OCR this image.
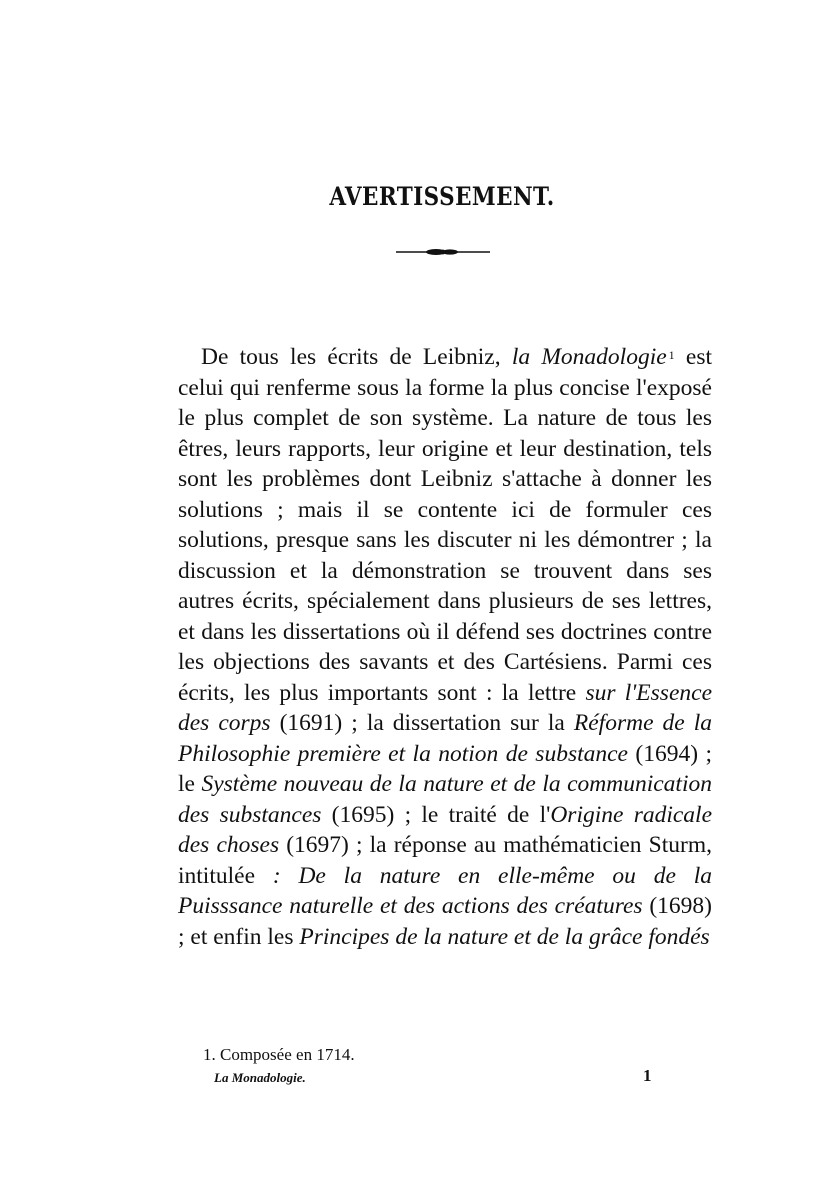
AVERTISSEMENT.

De tous les écrits de Leibniz, la Monadologie $^1$ est celui qui renferme sous la forme la plus concise l'exposé le plus complet de son système. La nature de tous les êtres, leurs rapports, leur origine et leur destination, tels sont les problèmes dont Leibniz s'attache à donner les solutions ; mais il se contente ici de formuler ces solutions, presque sans les discuter ni les démontrer ; la discussion et la démonstration se trouvent dans ses autres écrits, spécialement dans plusieurs de ses lettres, et dans les dissertations où il défend ses doctrines contre les objections des savants et des Cartésiens. Parmi ces écrits, les plus importants sont : la lettre sur l'Essence des corps (1691) ; la dissertation sur la Réforme de la Philosophie première et la notion de substance (1694) ; le Système nouveau de la nature et de la communication des substances (1695) ; le traité de l'Origine radicale des choses (1697) ; la réponse au mathématicien Sturm, intitulée : De la nature en elle-même ou de la Puisssance naturelle et des actions des créatures (1698) ; et enfin les Principes de la nature et de la grâce fondés

1. Composée en 1714.
La Monadologie.	1
